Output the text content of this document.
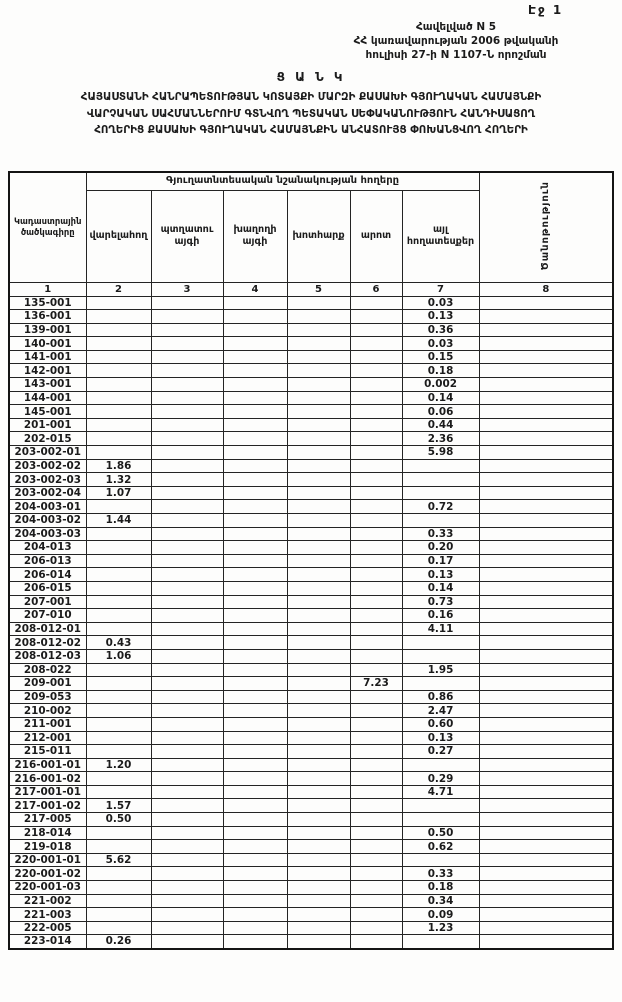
Էջ 1
Հավելված N 5
ՀՀ կառավարության 2006 թվականի
հուլիսի 27-ի N 1107-Ն որոշման
Ց Ա Ն Կ
ՀԱՅԱՍՏԱՆԻ ՀԱՆՐԱՊԵՏՈՒԹՅԱՆ ԿՈՏԱՅՔԻ ՄԱՐԶԻ ՔԱՍԱԽԻ ԳՅՈՒՂԱԿԱՆ ՀԱՄԱՅՆՔԻ
ՎԱՐՉԱԿԱՆ ՍԱՀՄԱՆՆԵՐՈՒՄ ԳՏՆՎՈՂ ՊԵՏԱԿԱՆ ՍԵՓԱԿԱՆՈՒԹՅՈՒՆ ՀԱՆԴԻՍԱՑՈՂ
ՀՈՂԵՐԻՑ ՔԱՍԱԽԻ ԳՅՈՒՂԱԿԱՆ ՀԱՄԱՅՆՔԻՆ ԱՆՀԱՏՈՒՅՑ ՓՈԽԱՆՑՎՈՂ ՀՈՂԵՐԻ
Կադաստրային ծածկագիրը	Գյուղատնտեսական նշանակության հողերը						Ծանոթություն
	վարելահող	պտղատու այգի	խաղողի այգի	խոտհարք	արոտ	այլ հողատեսքեր	
1	2	3	4	5	6	7	8
135-001						0.03	
136-001						0.13	
139-001						0.36	
140-001						0.03	
141-001						0.15	
142-001						0.18	
143-001						0.002	
144-001						0.14	
145-001						0.06	
201-001						0.44	
202-015						2.36	
203-002-01						5.98	
203-002-02	1.86						
203-002-03	1.32						
203-002-04	1.07						
204-003-01						0.72	
204-003-02	1.44						
204-003-03						0.33	
204-013						0.20	
206-013						0.17	
206-014						0.13	
206-015						0.14	
207-001						0.73	
207-010						0.16	
208-012-01						4.11	
208-012-02	0.43						
208-012-03	1.06						
208-022						1.95	
209-001					7.23		
209-053						0.86	
210-002						2.47	
211-001						0.60	
212-001						0.13	
215-011						0.27	
216-001-01	1.20						
216-001-02						0.29	
217-001-01						4.71	
217-001-02	1.57						
217-005	0.50						
218-014						0.50	
219-018						0.62	
220-001-01	5.62						
220-001-02						0.33	
220-001-03						0.18	
221-002						0.34	
221-003						0.09	
222-005						1.23	
223-014	0.26						
